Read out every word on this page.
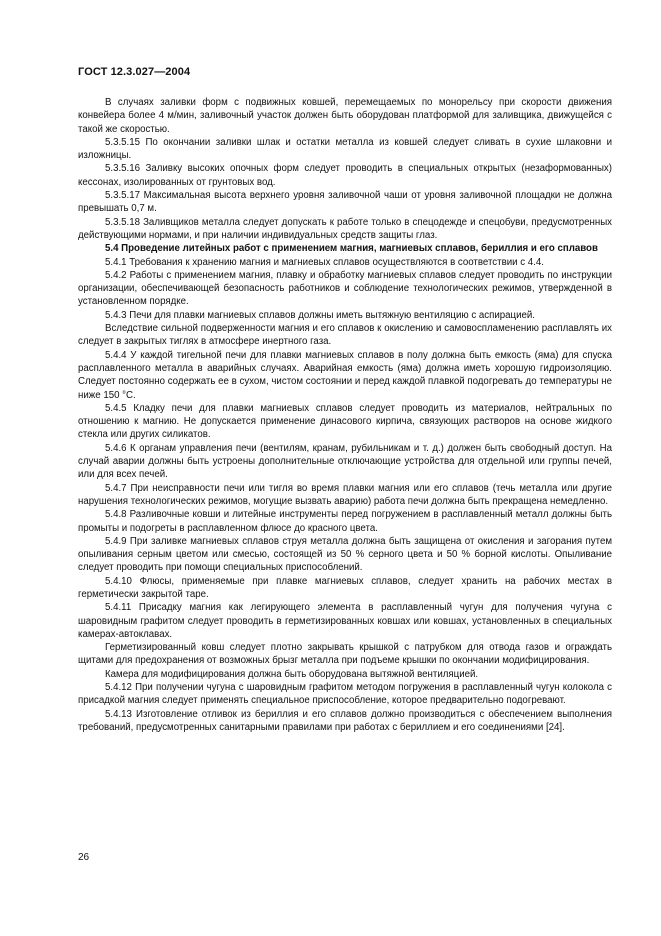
ГОСТ 12.3.027—2004

В случаях заливки форм с подвижных ковшей, перемещаемых по монорельсу при скорости движения конвейера более 4 м/мин, заливочный участок должен быть оборудован платформой для заливщика, движущейся с такой же скоростью.

5.3.5.15 По окончании заливки шлак и остатки металла из ковшей следует сливать в сухие шлаковни и изложницы.

5.3.5.16 Заливку высоких опочных форм следует проводить в специальных открытых (незаформованных) кессонах, изолированных от грунтовых вод.

5.3.5.17 Максимальная высота верхнего уровня заливочной чаши от уровня заливочной площадки не должна превышать 0,7 м.

5.3.5.18 Заливщиков металла следует допускать к работе только в спецодежде и спецобуви, предусмотренных действующими нормами, и при наличии индивидуальных средств защиты глаз.

5.4 Проведение литейных работ с применением магния, магниевых сплавов, бериллия и его сплавов

5.4.1 Требования к хранению магния и магниевых сплавов осуществляются в соответствии с 4.4.

5.4.2 Работы с применением магния, плавку и обработку магниевых сплавов следует проводить по инструкции организации, обеспечивающей безопасность работников и соблюдение технологических режимов, утвержденной в установленном порядке.

5.4.3 Печи для плавки магниевых сплавов должны иметь вытяжную вентиляцию с аспирацией.

Вследствие сильной подверженности магния и его сплавов к окислению и самовоспламенению расплавлять их следует в закрытых тиглях в атмосфере инертного газа.

5.4.4 У каждой тигельной печи для плавки магниевых сплавов в полу должна быть емкость (яма) для спуска расплавленного металла в аварийных случаях. Аварийная емкость (яма) должна иметь хорошую гидроизоляцию. Следует постоянно содержать ее в сухом, чистом состоянии и перед каждой плавкой подогревать до температуры не ниже 150 °С.

5.4.5 Кладку печи для плавки магниевых сплавов следует проводить из материалов, нейтральных по отношению к магнию. Не допускается применение динасового кирпича, связующих растворов на основе жидкого стекла или других силикатов.

5.4.6 К органам управления печи (вентилям, кранам, рубильникам и т. д.) должен быть свободный доступ. На случай аварии должны быть устроены дополнительные отключающие устройства для отдельной или группы печей, или для всех печей.

5.4.7 При неисправности печи или тигля во время плавки магния или его сплавов (течь металла или другие нарушения технологических режимов, могущие вызвать аварию) работа печи должна быть прекращена немедленно.

5.4.8 Разливочные ковши и литейные инструменты перед погружением в расплавленный металл должны быть промыты и подогреты в расплавленном флюсе до красного цвета.

5.4.9 При заливке магниевых сплавов струя металла должна быть защищена от окисления и загорания путем опыливания серным цветом или смесью, состоящей из 50 % серного цвета и 50 % борной кислоты. Опыливание следует проводить при помощи специальных приспособлений.

5.4.10 Флюсы, применяемые при плавке магниевых сплавов, следует хранить на рабочих местах в герметически закрытой таре.

5.4.11 Присадку магния как легирующего элемента в расплавленный чугун для получения чугуна с шаровидным графитом следует проводить в герметизированных ковшах или ковшах, установленных в специальных камерах-автоклавах.

Герметизированный ковш следует плотно закрывать крышкой с патрубком для отвода газов и ограждать щитами для предохранения от возможных брызг металла при подъеме крышки по окончании модифицирования.

Камера для модифицирования должна быть оборудована вытяжной вентиляцией.

5.4.12 При получении чугуна с шаровидным графитом методом погружения в расплавленный чугун колокола с присадкой магния следует применять специальное приспособление, которое предварительно подогревают.

5.4.13 Изготовление отливок из бериллия и его сплавов должно производиться с обеспечением выполнения требований, предусмотренных санитарными правилами при работах с бериллием и его соединениями [24].

26
